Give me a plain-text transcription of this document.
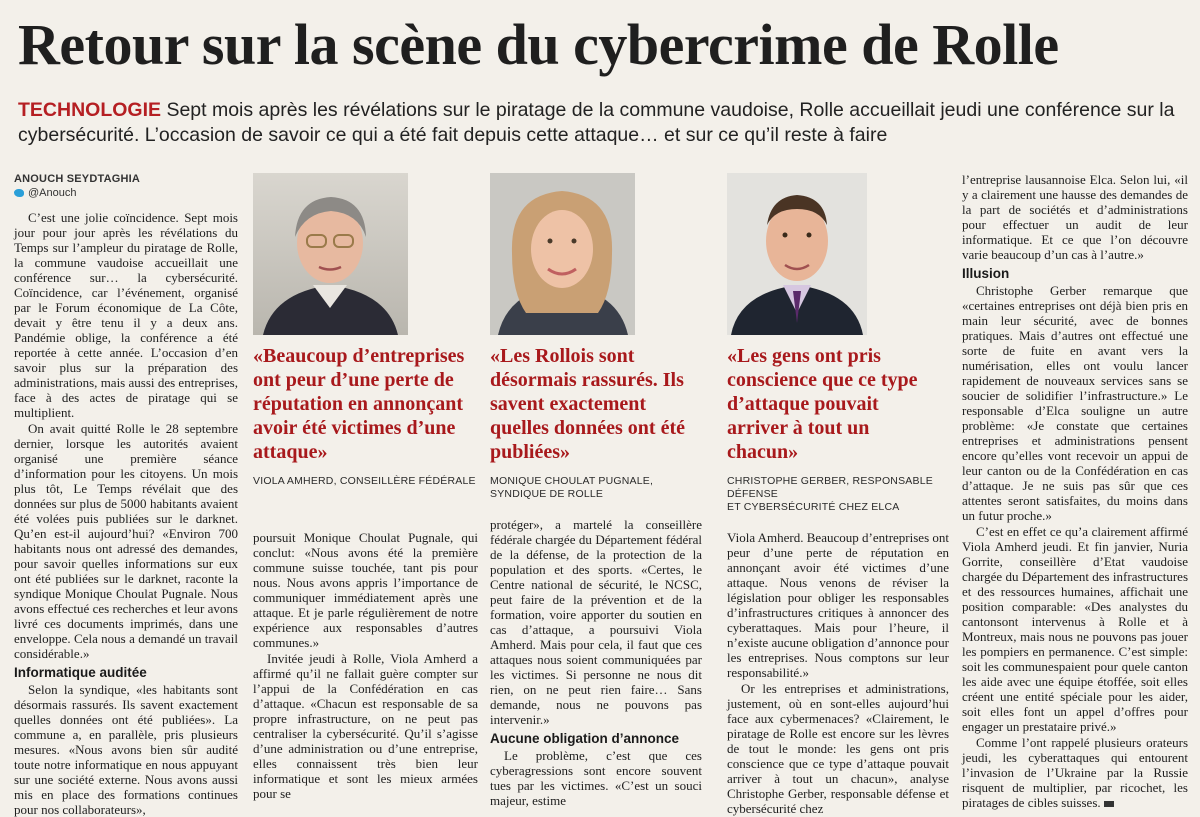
Retour sur la scène du cybercrime de Rolle

TECHNOLOGIE Sept mois après les révélations sur le piratage de la commune vaudoise, Rolle accueillait jeudi une conférence sur la cybersécurité. L’occasion de savoir ce qui a été fait depuis cette attaque… et sur ce qu’il reste à faire

ANOUCH SEYDTAGHIA
@Anouch

C’est une jolie coïncidence. Sept mois jour pour jour après les révélations du Temps sur l’ampleur du piratage de Rolle, la commune vaudoise accueillait une conférence sur… la cybersécurité. Coïncidence, car l’événement, organisé par le Forum économique de La Côte, devait y être tenu il y a deux ans. Pandémie oblige, la conférence a été reportée à cette année. L’occasion d’en savoir plus sur la préparation des administrations, mais aussi des entreprises, face à des actes de piratage qui se multiplient.

On avait quitté Rolle le 28 septembre dernier, lorsque les autorités avaient organisé une première séance d’information pour les citoyens. Un mois plus tôt, Le Temps révélait que des données sur plus de 5000 habitants avaient été volées puis publiées sur le darknet. Qu’en est-il aujourd’hui? «Environ 700 habitants nous ont adressé des demandes, pour savoir quelles informations sur eux ont été publiées sur le darknet, raconte la syndique Monique Choulat Pugnale. Nous avons effectué ces recherches et leur avons livré ces documents imprimés, dans une enveloppe. Cela nous a demandé un travail considérable.»

Informatique auditée

Selon la syndique, «les habitants sont désormais rassurés. Ils savent exactement quelles données ont été publiées». La commune a, en parallèle, pris plusieurs mesures. «Nous avons bien sûr audité toute notre informatique en nous appuyant sur une société externe. Nous avons aussi mis en place des formations continues pour nos collaborateurs»,

«Beaucoup d’entreprises ont peur d’une perte de réputation en annonçant avoir été victimes d’une attaque»

VIOLA AMHERD, CONSEILLÈRE FÉDÉRALE

poursuit Monique Choulat Pugnale, qui conclut: «Nous avons été la première commune suisse touchée, tant pis pour nous. Nous avons appris l’importance de communiquer immédiatement après une attaque. Et je parle régulièrement de notre expérience aux responsables d’autres communes.»

Invitée jeudi à Rolle, Viola Amherd a affirmé qu’il ne fallait guère compter sur l’appui de la Confédération en cas d’attaque. «Chacun est responsable de sa propre infrastructure, on ne peut pas centraliser la cybersécurité. Qu’il s’agisse d’une administration ou d’une entreprise, elles connaissent très bien leur informatique et sont les mieux armées pour se

«Les Rollois sont désormais rassurés. Ils savent exactement quelles données ont été publiées»

MONIQUE CHOULAT PUGNALE,
SYNDIQUE DE ROLLE

protéger», a martelé la conseillère fédérale chargée du Département fédéral de la défense, de la protection de la population et des sports. «Certes, le Centre national de sécurité, le NCSC, peut faire de la prévention et de la formation, voire apporter du soutien en cas d’attaque, a poursuivi Viola Amherd. Mais pour cela, il faut que ces attaques nous soient communiquées par les victimes. Si personne ne nous dit rien, on ne peut rien faire… Sans demande, nous ne pouvons pas intervenir.»

Aucune obligation d’annonce

Le problème, c’est que ces cyberagressions sont encore souvent tues par les victimes. «C’est un souci majeur, estime

«Les gens ont pris conscience que ce type d’attaque pouvait arriver à tout un chacun»

CHRISTOPHE GERBER, RESPONSABLE DÉFENSE
ET CYBERSÉCURITÉ CHEZ ELCA

Viola Amherd. Beaucoup d’entreprises ont peur d’une perte de réputation en annonçant avoir été victimes d’une attaque. Nous venons de réviser la législation pour obliger les responsables d’infrastructures critiques à annoncer des cyberattaques. Mais pour l’heure, il n’existe aucune obligation d’annonce pour les entreprises. Nous comptons sur leur responsabilité.»

Or les entreprises et administrations, justement, où en sont-elles aujourd’hui face aux cybermenaces? «Clairement, le piratage de Rolle est encore sur les lèvres de tout le monde: les gens ont pris conscience que ce type d’attaque pouvait arriver à tout un chacun», analyse Christophe Gerber, responsable défense et cybersécurité chez

l’entreprise lausannoise Elca. Selon lui, «il y a clairement une hausse des demandes de la part de sociétés et d’administrations pour effectuer un audit de leur informatique. Et ce que l’on découvre varie beaucoup d’un cas à l’autre.»

Illusion

Christophe Gerber remarque que «certaines entreprises ont déjà bien pris en main leur sécurité, avec de bonnes pratiques. Mais d’autres ont effectué une sorte de fuite en avant vers la numérisation, elles ont voulu lancer rapidement de nouveaux services sans se soucier de solidifier l’infrastructure.» Le responsable d’Elca souligne un autre problème: «Je constate que certaines entreprises et administrations pensent encore qu’elles vont recevoir un appui de leur canton ou de la Confédération en cas d’attaque. Je ne suis pas sûr que ces attentes seront satisfaites, du moins dans un futur proche.»

C’est en effet ce qu’a clairement affirmé Viola Amherd jeudi. Et fin janvier, Nuria Gorrite, conseillère d’Etat vaudoise chargée du Département des infrastructures et des ressources humaines, affichait une position comparable: «Des analystes du cantonsont intervenus à Rolle et à Montreux, mais nous ne pouvons pas jouer les pompiers en permanence. C’est simple: soit les communespaient pour quele canton les aide avec une équipe étoffée, soit elles créent une entité spéciale pour les aider, soit elles font un appel d’offres pour engager un prestataire privé.»

Comme l’ont rappelé plusieurs orateurs jeudi, les cyberattaques qui entourent l’invasion de l’Ukraine par la Russie risquent de multiplier, par ricochet, les piratages de cibles suisses.
